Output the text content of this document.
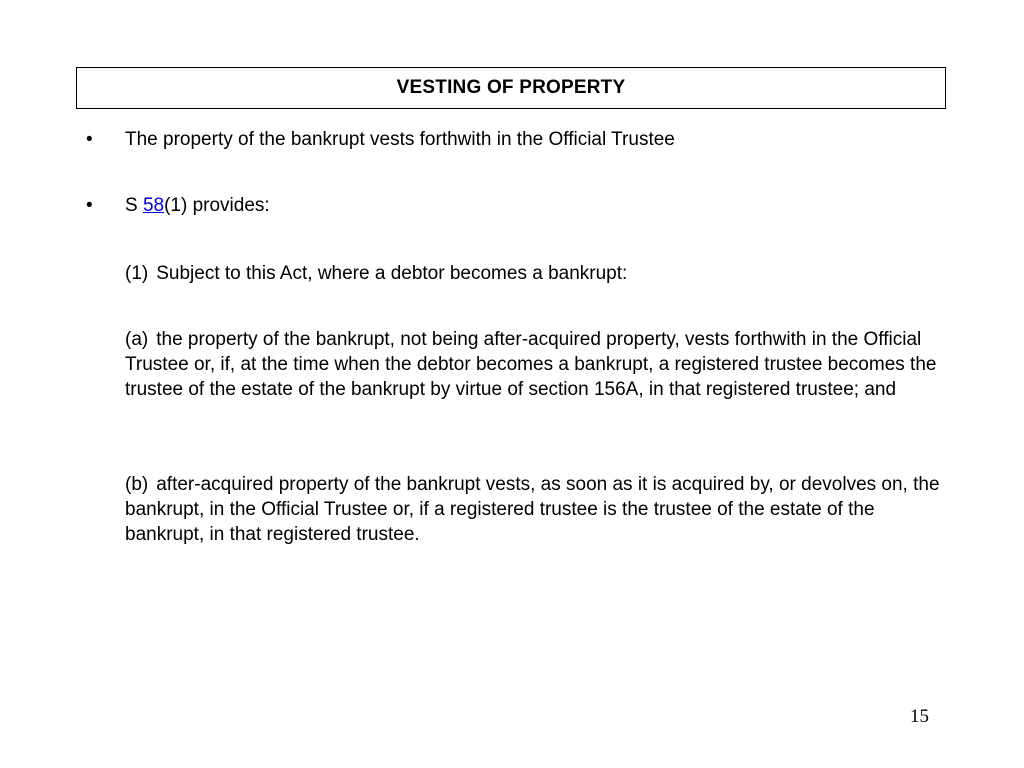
VESTING OF PROPERTY
•	The property of the bankrupt vests forthwith in the Official Trustee
•	S 58(1) provides:
(1) Subject to this Act, where a debtor becomes a bankrupt:
(a) the property of the bankrupt, not being after-acquired property, vests forthwith in the Official Trustee or, if, at the time when the debtor becomes a bankrupt, a registered trustee becomes the trustee of the estate of the bankrupt by virtue of section 156A, in that registered trustee; and
(b) after-acquired property of the bankrupt vests, as soon as it is acquired by, or devolves on, the bankrupt, in the Official Trustee or, if a registered trustee is the trustee of the estate of the bankrupt, in that registered trustee.
15
